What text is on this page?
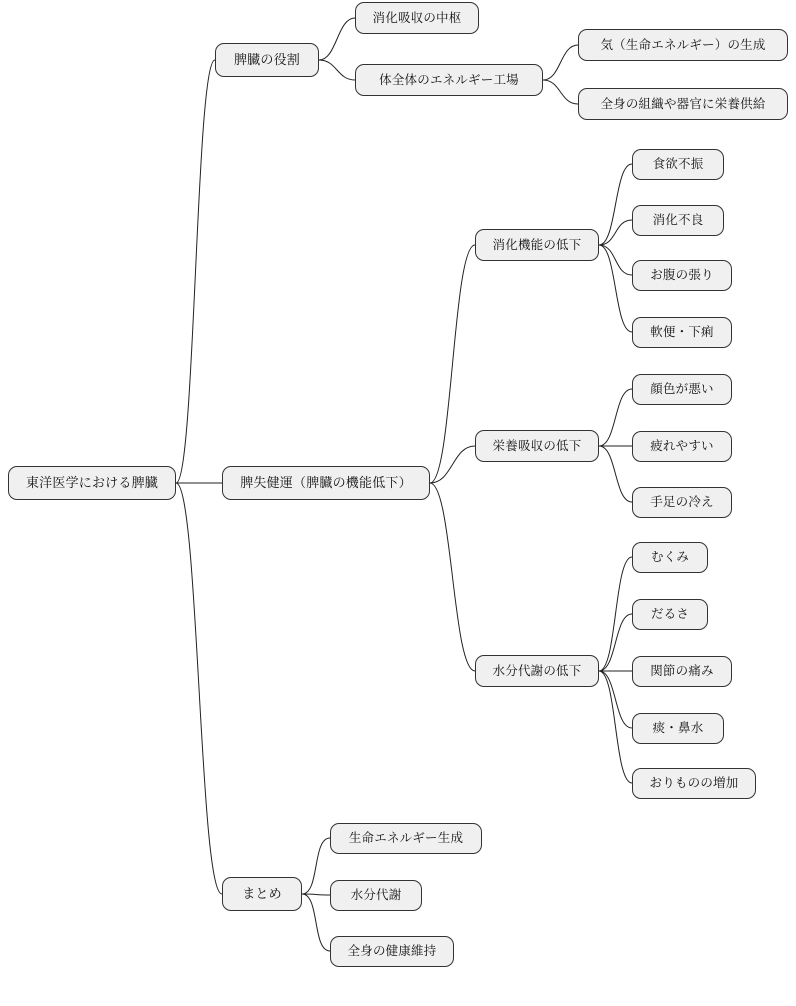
東洋医学における脾臓
脾臓の役割
消化吸収の中枢
体全体のエネルギー工場
気（生命エネルギー）の生成
全身の組織や器官に栄養供給
脾失健運（脾臓の機能低下）
消化機能の低下
食欲不振
消化不良
お腹の張り
軟便・下痢
栄養吸収の低下
顔色が悪い
疲れやすい
手足の冷え
水分代謝の低下
むくみ
だるさ
関節の痛み
痰・鼻水
おりものの増加
まとめ
生命エネルギー生成
水分代謝
全身の健康維持
